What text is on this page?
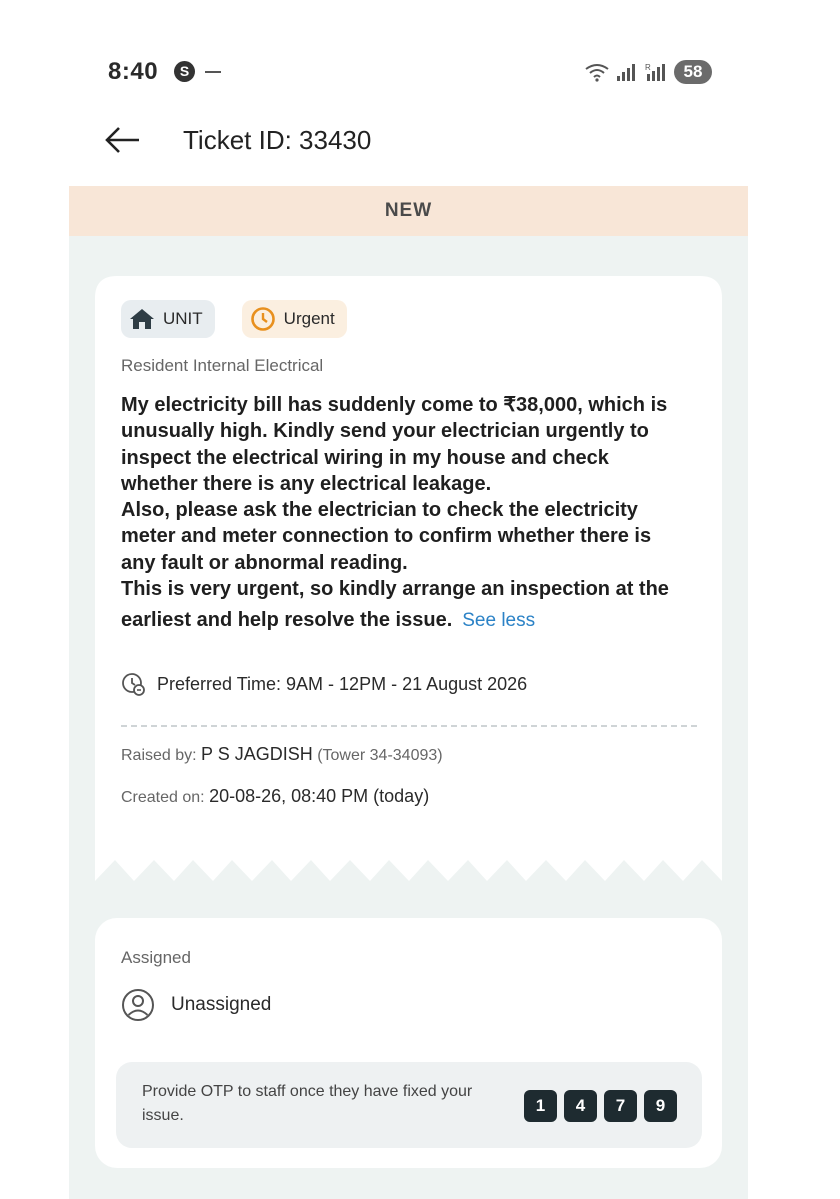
8:40	S	R	58
Ticket ID: 33430
NEW
UNIT	Urgent
Resident Internal Electrical
My electricity bill has suddenly come to ₹38,000, which is
unusually high. Kindly send your electrician urgently to
inspect the electrical wiring in my house and check
whether there is any electrical leakage.
Also, please ask the electrician to check the electricity
meter and meter connection to confirm whether there is
any fault or abnormal reading.
This is very urgent, so kindly arrange an inspection at the
earliest and help resolve the issue. See less
Preferred Time: 9AM - 12PM - 21 August 2026
Raised by: P S JAGDISH (Tower 34-34093)
Created on: 20-08-26, 08:40 PM (today)
Assigned
Unassigned
Provide OTP to staff once they have fixed your issue.
1	4	7	9
